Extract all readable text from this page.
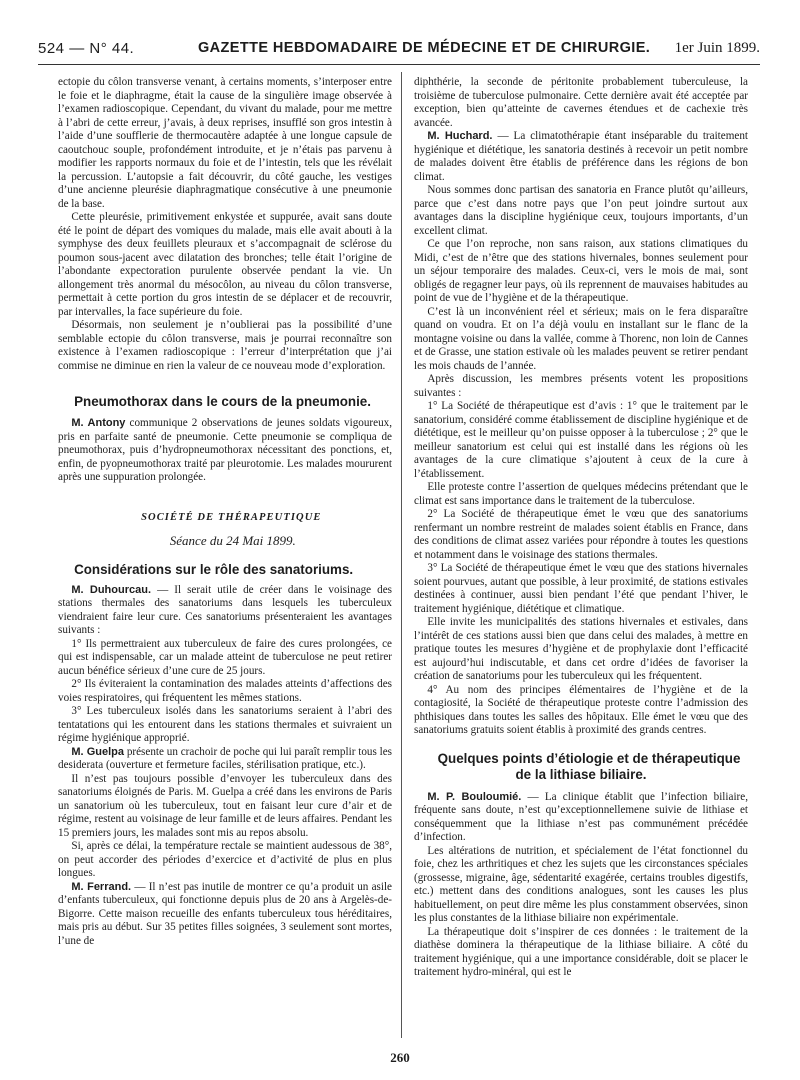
524 — N° 44.	GAZETTE HEBDOMADAIRE DE MÉDECINE ET DE CHIRURGIE. 1er Juin 1899.

ectopie du côlon transverse venant, à certains moments, s’interposer entre le foie et le diaphragme, était la cause de la singulière image observée à l’examen radioscopique. Cependant, du vivant du malade, pour me mettre à l’abri de cette erreur, j’avais, à deux reprises, insufflé son gros intestin à l’aide d’une soufflerie de thermocautère adaptée à une longue capsule de caoutchouc souple, profondément introduite, et je n’étais pas parvenu à modifier les rapports normaux du foie et de l’intestin, tels que les révélait la percussion. L’autopsie a fait découvrir, du côté gauche, les vestiges d’une ancienne pleurésie diaphragmatique consécutive à une pneumonie de la base.

Cette pleurésie, primitivement enkystée et suppurée, avait sans doute été le point de départ des vomiques du malade, mais elle avait abouti à la symphyse des deux feuillets pleuraux et s’accompagnait de sclérose du poumon sous-jacent avec dilatation des bronches; telle était l’origine de l’abondante expectoration purulente observée pendant la vie. Un allongement très anormal du mésocôlon, au niveau du côlon transverse, permettait à cette portion du gros intestin de se déplacer et de recouvrir, par intervalles, la face supérieure du foie.

Désormais, non seulement je n’oublierai pas la possibilité d’une semblable ectopie du côlon transverse, mais je pourrai reconnaître son existence à l’examen radioscopique : l’erreur d’interprétation que j’ai commise ne diminue en rien la valeur de ce nouveau mode d’exploration.

Pneumothorax dans le cours de la pneumonie.

M. Antony communique 2 observations de jeunes soldats vigoureux, pris en parfaite santé de pneumonie. Cette pneumonie se compliqua de pneumothorax, puis d’hydropneumothorax nécessitant des ponctions, et, enfin, de pyopneumothorax traité par pleurotomie. Les malades moururent après une suppuration prolongée.

SOCIÉTÉ DE THÉRAPEUTIQUE

Séance du 24 Mai 1899.

Considérations sur le rôle des sanatoriums.

M. Duhourcau. — Il serait utile de créer dans le voisinage des stations thermales des sanatoriums dans lesquels les tuberculeux viendraient faire leur cure. Ces sanatoriums présenteraient les avantages suivants :

1° Ils permettraient aux tuberculeux de faire des cures prolongées, ce qui est indispensable, car un malade atteint de tuberculose ne peut retirer aucun bénéfice sérieux d’une cure de 25 jours.

2° Ils éviteraient la contamination des malades atteints d’affections des voies respiratoires, qui fréquentent les mêmes stations.

3° Les tuberculeux isolés dans les sanatoriums seraient à l’abri des tentatations qui les entourent dans les stations thermales et suivraient un régime hygiénique approprié.

M. Guelpa présente un crachoir de poche qui lui paraît remplir tous les desiderata (ouverture et fermeture faciles, stérilisation pratique, etc.).

Il n’est pas toujours possible d’envoyer les tuberculeux dans des sanatoriums éloignés de Paris. M. Guelpa a créé dans les environs de Paris un sanatorium où les tuberculeux, tout en faisant leur cure d’air et de régime, restent au voisinage de leur famille et de leurs affaires. Pendant les 15 premiers jours, les malades sont mis au repos absolu.

Si, après ce délai, la température rectale se maintient audessous de 38°, on peut accorder des périodes d’exercice et d’activité de plus en plus longues.

M. Ferrand. — Il n’est pas inutile de montrer ce qu’a produit un asile d’enfants tuberculeux, qui fonctionne depuis plus de 20 ans à Argelès-de-Bigorre. Cette maison recueille des enfants tuberculeux tous héréditaires, mais pris au début. Sur 35 petites filles soignées, 3 seulement sont mortes, l’une de

diphthérie, la seconde de péritonite probablement tuberculeuse, la troisième de tuberculose pulmonaire. Cette dernière avait été acceptée par exception, bien qu’atteinte de cavernes étendues et de cachexie très avancée.

M. Huchard. — La climatothérapie étant inséparable du traitement hygiénique et diététique, les sanatoria destinés à recevoir un petit nombre de malades doivent être établis de préférence dans les régions de bon climat.

Nous sommes donc partisan des sanatoria en France plutôt qu’ailleurs, parce que c’est dans notre pays que l’on peut joindre surtout aux avantages dans la discipline hygiénique ceux, toujours importants, d’un excellent climat.

Ce que l’on reproche, non sans raison, aux stations climatiques du Midi, c’est de n’être que des stations hivernales, bonnes seulement pour un séjour temporaire des malades. Ceux-ci, vers le mois de mai, sont obligés de regagner leur pays, où ils reprennent de mauvaises habitudes au point de vue de l’hygiène et de la thérapeutique.

C’est là un inconvénient réel et sérieux; mais on le fera disparaître quand on voudra. Et on l’a déjà voulu en installant sur le flanc de la montagne voisine ou dans la vallée, comme à Thorenc, non loin de Cannes et de Grasse, une station estivale où les malades peuvent se retirer pendant les mois chauds de l’année.

Après discussion, les membres présents votent les propositions suivantes :

1° La Société de thérapeutique est d’avis : 1° que le traitement par le sanatorium, considéré comme établissement de discipline hygiénique et de diététique, est le meilleur qu’on puisse opposer à la tuberculose ; 2° que le meilleur sanatorium est celui qui est installé dans les régions où les avantages de la cure climatique s’ajoutent à ceux de la cure à l’établissement.

Elle proteste contre l’assertion de quelques médecins prétendant que le climat est sans importance dans le traitement de la tuberculose.

2° La Société de thérapeutique émet le vœu que des sanatoriums renfermant un nombre restreint de malades soient établis en France, dans des conditions de climat assez variées pour répondre à toutes les questions et notamment dans le voisinage des stations thermales.

3° La Société de thérapeutique émet le vœu que des stations hivernales soient pourvues, autant que possible, à leur proximité, de stations estivales destinées à continuer, aussi bien pendant l’été que pendant l’hiver, le traitement hygiénique, diététique et climatique.

Elle invite les municipalités des stations hivernales et estivales, dans l’intérêt de ces stations aussi bien que dans celui des malades, à mettre en pratique toutes les mesures d’hygiène et de prophylaxie dont l’efficacité est aujourd’hui indiscutable, et dans cet ordre d’idées de favoriser la création de sanatoriums pour les tuberculeux qui les fréquentent.

4° Au nom des principes élémentaires de l’hygiène et de la contagiosité, la Société de thérapeutique proteste contre l’admission des phthisiques dans toutes les salles des hôpitaux. Elle émet le vœu que des sanatoriums gratuits soient établis à proximité des grands centres.

Quelques points d’étiologie et de thérapeutique de la lithiase biliaire.

M. P. Bouloumié. — La clinique établit que l’infection biliaire, fréquente sans doute, n’est qu’exceptionnellemene suivie de lithiase et conséquemment que la lithiase n’est pas communément précédée d’infection.

Les altérations de nutrition, et spécialement de l’état fonctionnel du foie, chez les arthritiques et chez les sujets que les circonstances spéciales (grossesse, migraine, âge, sédentarité exagérée, certains troubles digestifs, etc.) mettent dans des conditions analogues, sont les causes les plus habituellement, on peut dire même les plus constamment observées, sinon les plus constantes de la lithiase biliaire non expérimentale.

La thérapeutique doit s’inspirer de ces données : le traitement de la diathèse dominera la thérapeutique de la lithiase biliaire. A côté du traitement hygiénique, qui a une importance considérable, doit se placer le traitement hydro-minéral, qui est le

260
